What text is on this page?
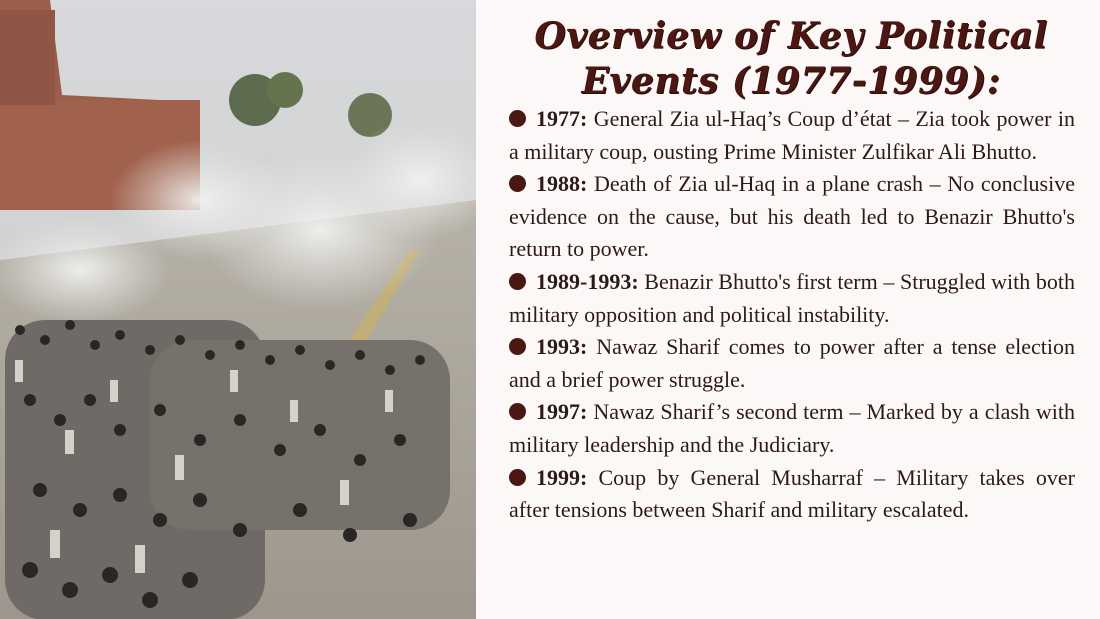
Overview of Key Political
Events (1977-1999):
1977: General Zia ul-Haq’s Coup d’état – Zia took power in a military coup, ousting Prime Minister Zulfikar Ali Bhutto.
1988: Death of Zia ul-Haq in a plane crash – No conclusive evidence on the cause, but his death led to Benazir Bhutto's return to power.
1989-1993: Benazir Bhutto's first term – Struggled with both military opposition and political instability.
1993: Nawaz Sharif comes to power after a tense election and a brief power struggle.
1997: Nawaz Sharif’s second term – Marked by a clash with military leadership and the Judiciary.
1999: Coup by General Musharraf – Military takes over after tensions between Sharif and military escalated.
